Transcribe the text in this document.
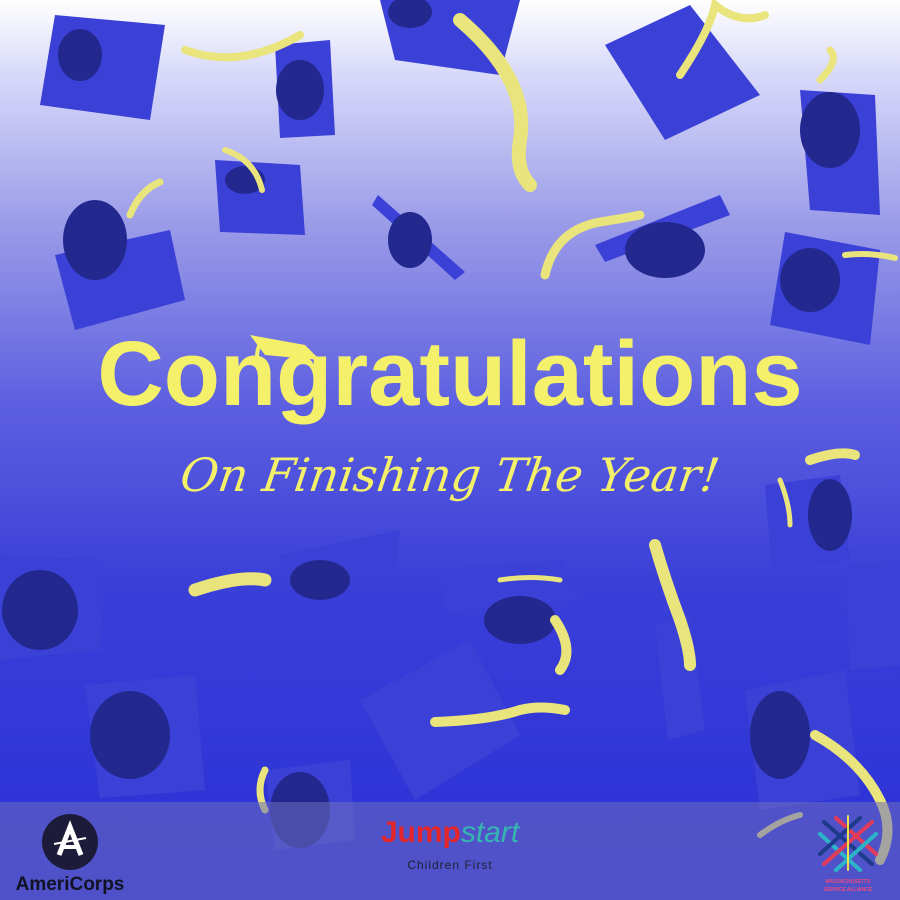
Congratulations
On Finishing The Year!
AmeriCorps
Jumpstart
Children First
MASSACHUSETTS
SERVICE ALLIANCE
